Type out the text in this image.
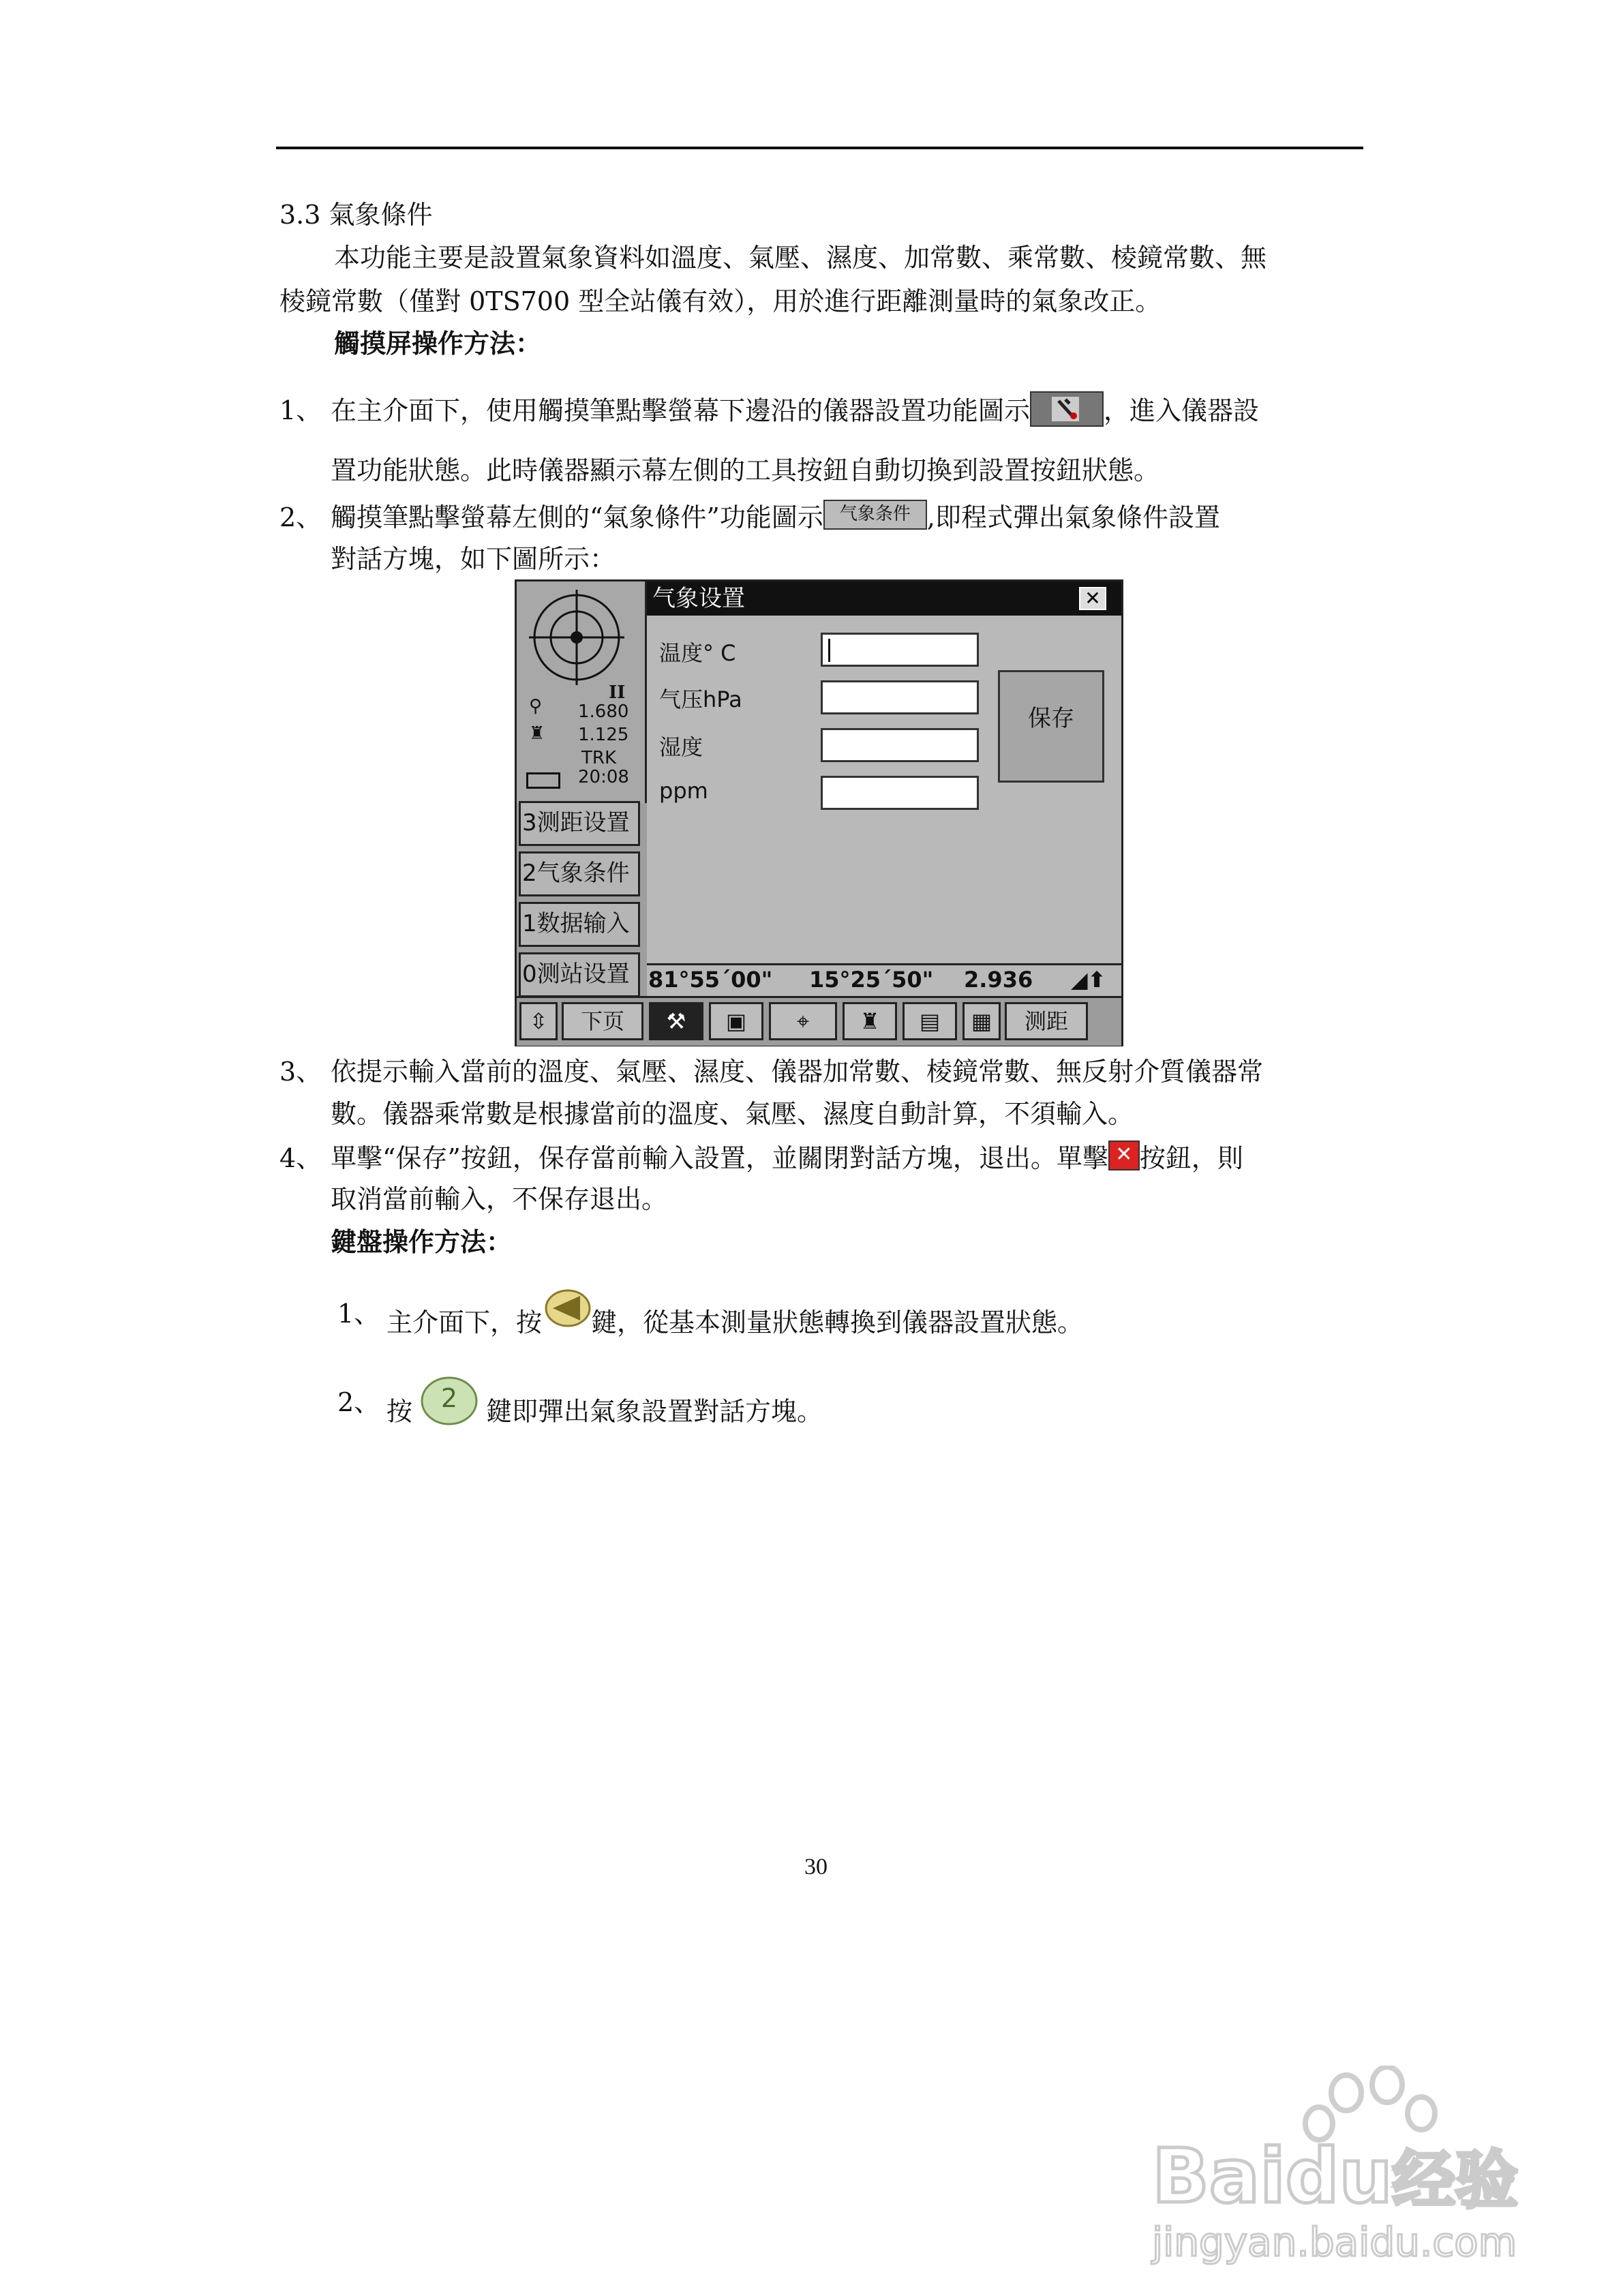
3.3 氣象條件
本功能主要是設置氣象資料如溫度、氣壓、濕度、加常數、乘常數、棱鏡常數、無
棱鏡常數（僅對 0TS700 型全站儀有效），用於進行距離測量時的氣象改正。
觸摸屏操作方法：
1、 在主介面下，使用觸摸筆點擊螢幕下邊沿的儀器設置功能圖示	，進入儀器設
置功能狀態。此時儀器顯示幕左側的工具按鈕自動切換到設置按鈕狀態。
2、 觸摸筆點擊螢幕左側的“氣象條件”功能圖示 气象条件 ,即程式彈出氣象條件設置
對話方塊，如下圖所示：
II
⚲ 1.680
♜ 1.125
TRK
20:08
3测距设置
2气象条件
1数据输入
0测站设置
气象设置	✕
温度° C
气压hPa
湿度
ppm
保存
81°55´00" 15°25´50" 2.936 ◢⬆
⇳	下页	⚒	▣	⌖	♜	▤	▦	测距
3、 依提示輸入當前的溫度、氣壓、濕度、儀器加常數、棱鏡常數、無反射介質儀器常
數。儀器乘常數是根據當前的溫度、氣壓、濕度自動計算，不須輸入。
4、 單擊“保存”按鈕，保存當前輸入設置，並關閉對話方塊，退出。單擊 ✕ 按鈕，則
取消當前輸入，不保存退出。
鍵盤操作方法：
1、 主介面下，按 鍵，從基本測量狀態轉換到儀器設置狀態。
2、 按	2	鍵即彈出氣象設置對話方塊。
30
Baidu经验
jingyan.baidu.com
